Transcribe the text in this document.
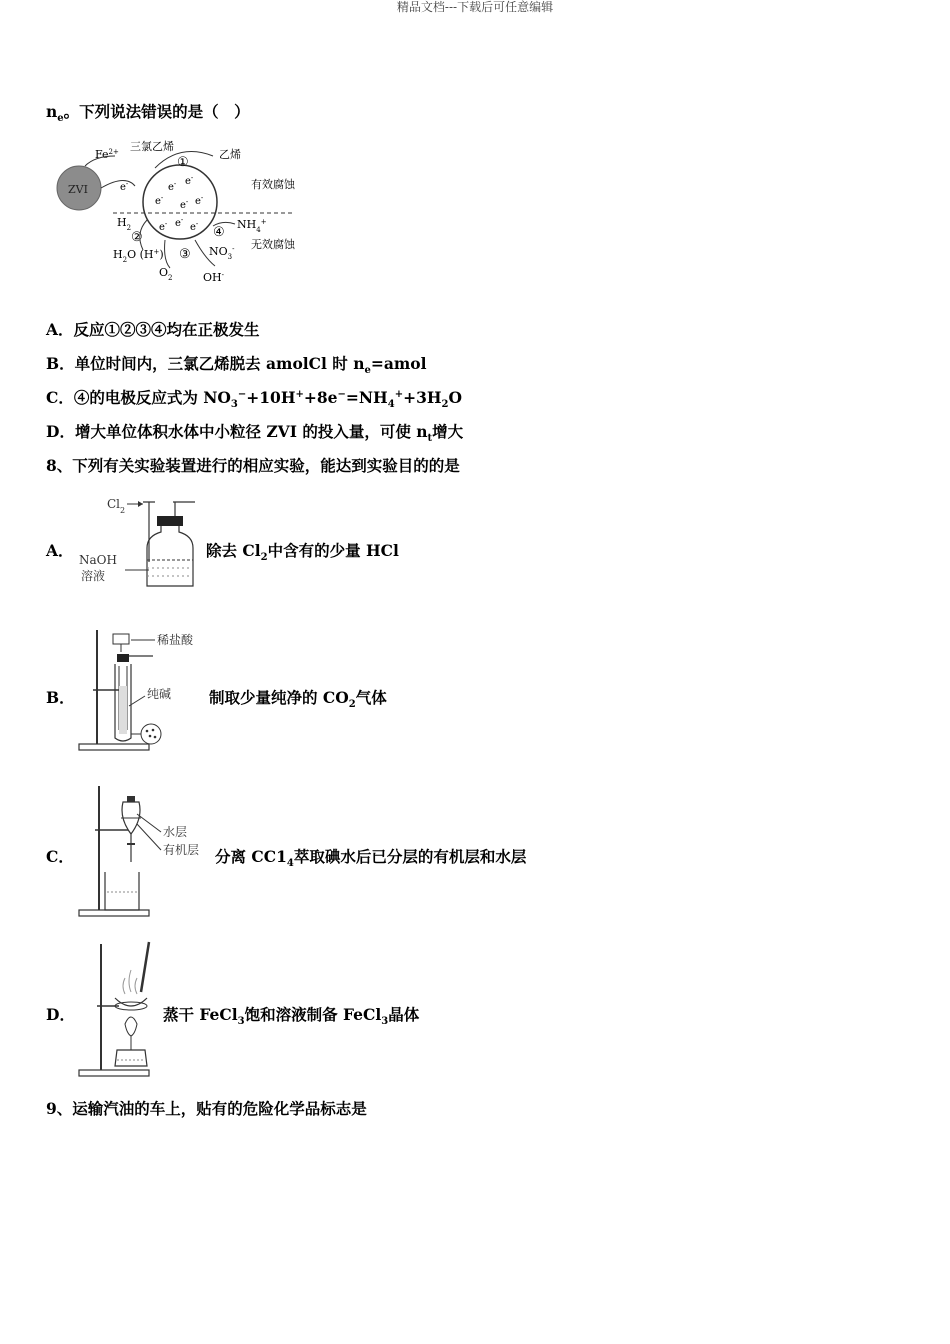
精品文档---下载后可任意编辑
$n_e$。下列说法错误的是（　）
ZVI
$Fe^{2+}$
e-
三氯乙烯
①
乙烯
e- e-
e-
e- e-
e- e-
e-
有效腐蚀
无效腐蚀
$H_2$
②
$H_2O$ (H+) ③
$O_2$	OH-
④
$NH_4^+$
$NO_3^-$
A．反应①②③④均在正极发生
B．单位时间内，三氯乙烯脱去 amolCl 时 $n_e=amol$
C．④的电极反应式为 $NO_3^-+10H^++8e^-=NH_4^++3H_2O$
D．增大单位体积水体中小粒径 ZVI 的投入量，可使 $n_t$增大
8、下列有关实验装置进行的相应实验，能达到实验目的的是
A．
$Cl_2$
NaOH
溶液
除去 $Cl_2$中含有的少量 HCl
B．
稀盐酸
纯碱 制取少量纯净的 $CO_2$气体
C．
水层
有机层 分离 $CC1_4$萃取碘水后已分层的有机层和水层
D．	蒸干 FeCl$_3$饱和溶液制备 FeCl$_3$晶体
9、运输汽油的车上，贴有的危险化学品标志是
